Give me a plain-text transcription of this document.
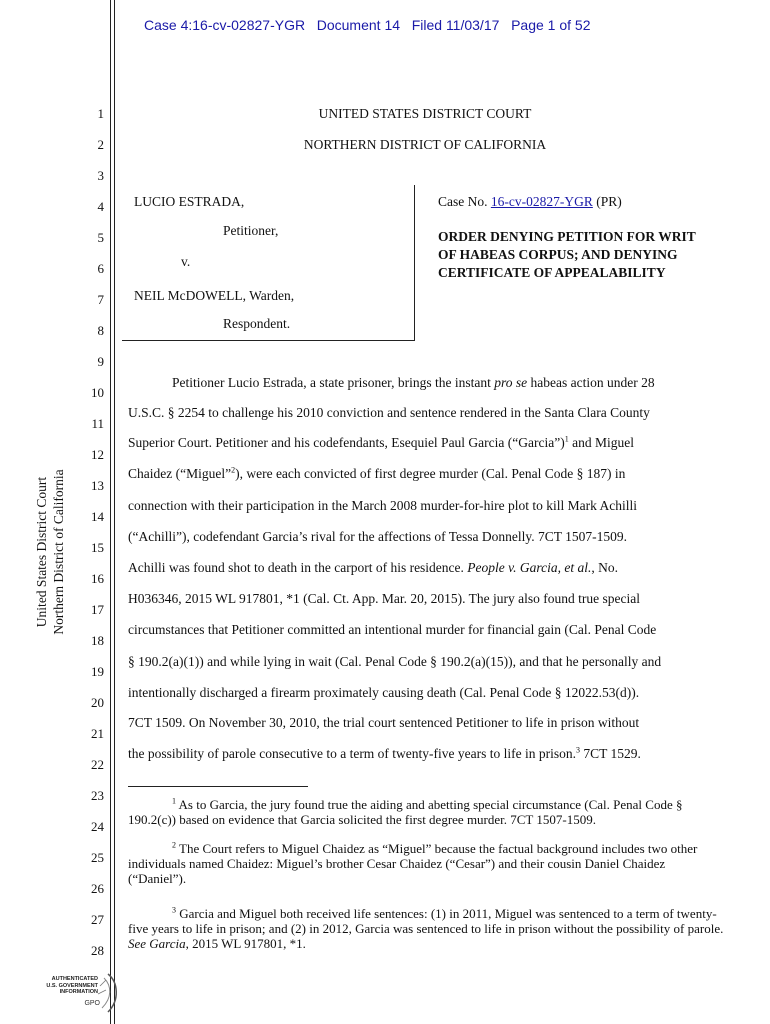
Case 4:16-cv-02827-YGR Document 14 Filed 11/03/17 Page 1 of 52
United States District Court Northern District of California
1
2
3
4
5
6
7
8
9
10
11
12
13
14
15
16
17
18
19
20
21
22
23
24
25
26
27
28
UNITED STATES DISTRICT COURT
NORTHERN DISTRICT OF CALIFORNIA
LUCIO ESTRADA,
Petitioner,
v.
NEIL McDOWELL, Warden,
Respondent.
Case No. 16-cv-02827-YGR (PR)
ORDER DENYING PETITION FOR WRIT OF HABEAS CORPUS; AND DENYING CERTIFICATE OF APPEALABILITY
Petitioner Lucio Estrada, a state prisoner, brings the instant pro se habeas action under 28
U.S.C. § 2254 to challenge his 2010 conviction and sentence rendered in the Santa Clara County
Superior Court. Petitioner and his codefendants, Esequiel Paul Garcia (“Garcia”)$^1$ and Miguel
Chaidez (“Miguel”$^2$), were each convicted of first degree murder (Cal. Penal Code § 187) in
connection with their participation in the March 2008 murder-for-hire plot to kill Mark Achilli
(“Achilli”), codefendant Garcia’s rival for the affections of Tessa Donnelly. 7CT 1507-1509.
Achilli was found shot to death in the carport of his residence. People v. Garcia, et al., No.
H036346, 2015 WL 917801, *1 (Cal. Ct. App. Mar. 20, 2015). The jury also found true special
circumstances that Petitioner committed an intentional murder for financial gain (Cal. Penal Code
§ 190.2(a)(1)) and while lying in wait (Cal. Penal Code § 190.2(a)(15)), and that he personally and
intentionally discharged a firearm proximately causing death (Cal. Penal Code § 12022.53(d)).
7CT 1509. On November 30, 2010, the trial court sentenced Petitioner to life in prison without
the possibility of parole consecutive to a term of twenty-five years to life in prison.$^3$ 7CT 1529.
$^1$ As to Garcia, the jury found true the aiding and abetting special circumstance (Cal. Penal Code § 190.2(c)) based on evidence that Garcia solicited the first degree murder. 7CT 1507-1509.
$^2$ The Court refers to Miguel Chaidez as “Miguel” because the factual background includes two other individuals named Chaidez: Miguel’s brother Cesar Chaidez (“Cesar”) and their cousin Daniel Chaidez (“Daniel”).
$^3$ Garcia and Miguel both received life sentences: (1) in 2011, Miguel was sentenced to a term of twenty-five years to life in prison; and (2) in 2012, Garcia was sentenced to life in prison without the possibility of parole. See Garcia, 2015 WL 917801, *1.
AUTHENTICATED
U.S. GOVERNMENT
INFORMATION
GPO
